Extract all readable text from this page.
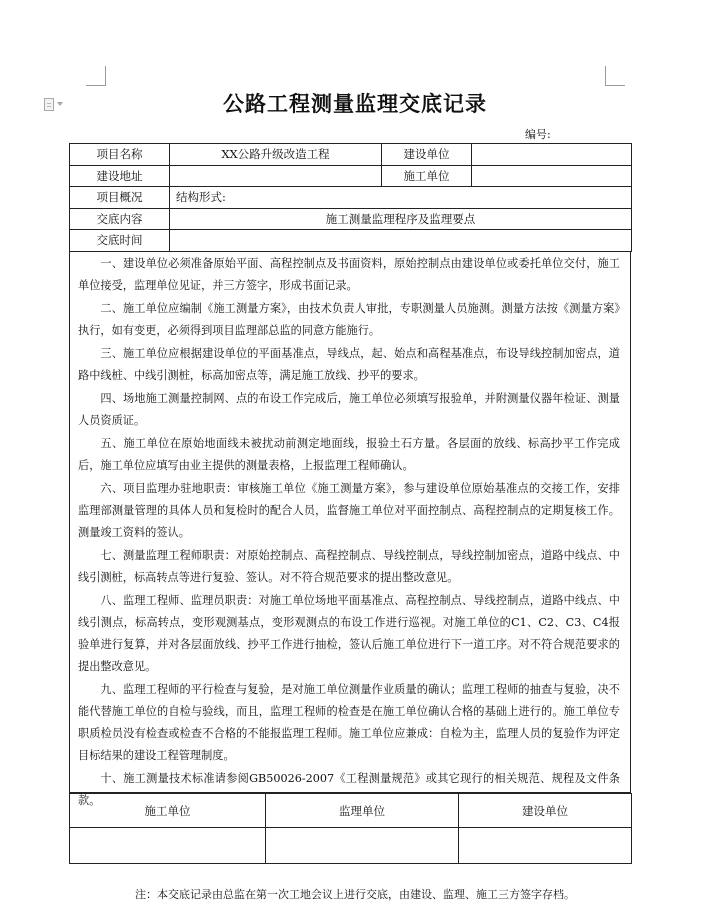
公路工程测量监理交底记录
编号:
项目名称	XX公路升级改造工程	建设单位	
建设地址		施工单位	
项目概况	结构形式:		
交底内容	施工测量监理程序及监理要点		
交底时间			

一、建设单位必须准备原始平面、高程控制点及书面资料，原始控制点由建设单位或委托单位交付，施工单位接受，监理单位见证，并三方签字，形成书面记录。

二、施工单位应编制《施工测量方案》，由技术负责人审批，专职测量人员施测。测量方法按《测量方案》执行，如有变更，必须得到项目监理部总监的同意方能施行。

三、施工单位应根据建设单位的平面基准点，导线点，起、始点和高程基准点，布设导线控制加密点，道路中线桩、中线引测桩，标高加密点等，满足施工放线、抄平的要求。

四、场地施工测量控制网、点的布设工作完成后，施工单位必须填写报验单，并附测量仪器年检证、测量人员资质证。

五、施工单位在原始地面线未被扰动前测定地面线，报验土石方量。各层面的放线、标高抄平工作完成后，施工单位应填写由业主提供的测量表格，上报监理工程师确认。

六、项目监理办驻地职责：审核施工单位《施工测量方案》，参与建设单位原始基准点的交接工作，安排监理部测量管理的具体人员和复检时的配合人员，监督施工单位对平面控制点、高程控制点的定期复核工作。测量竣工资料的签认。

七、测量监理工程师职责：对原始控制点、高程控制点、导线控制点，导线控制加密点，道路中线点、中线引测桩，标高转点等进行复验、签认。对不符合规范要求的提出整改意见。

八、监理工程师、监理员职责：对施工单位场地平面基准点、高程控制点、导线控制点，道路中线点、中线引测点，标高转点，变形观测基点，变形观测点的布设工作进行巡视。对施工单位的C1、C2、C3、C4报验单进行复算，并对各层面放线、抄平工作进行抽检，签认后施工单位进行下一道工序。对不符合规范要求的提出整改意见。

九、监理工程师的平行检查与复验，是对施工单位测量作业质量的确认；监理工程师的抽查与复验，决不能代替施工单位的自检与验线，而且，监理工程师的检查是在施工单位确认合格的基础上进行的。施工单位专职质检员没有检查或检查不合格的不能报监理工程师。施工单位应兼成：自检为主，监理人员的复验作为评定目标结果的建设工程管理制度。

十、施工测量技术标准请参阅GB50026-2007《工程测量规范》或其它现行的相关规范、规程及文件条款。

施工单位	监理单位	建设单位

注：本交底记录由总监在第一次工地会议上进行交底，由建设、监理、施工三方签字存档。
